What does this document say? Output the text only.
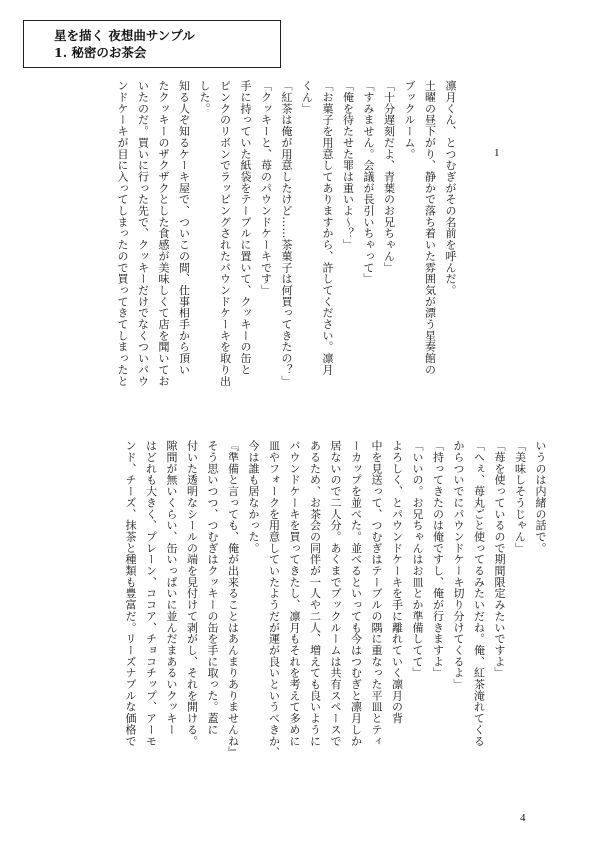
星を描く 夜想曲サンプル
1. 秘密のお茶会
1

凛月くん、とつむぎがその名前を呼んだ。

土曜の昼下がり、静かで落ち着いた雰囲気が漂う星奏館の

ブックルーム。

「十分遅刻だよ、青葉のお兄ちゃん」

「すみません。会議が長引いちゃって」

「俺を待たせた罪は重いよ〜？」

「お菓子を用意してありますから、許してください。凛月

くん」

「紅茶は俺が用意したけど……茶菓子は何買ってきたの？」

「クッキーと、苺のパウンドケーキです」

手に持っていた紙袋をテーブルに置いて、クッキーの缶と

ピンクのリボンでラッピングされたパウンドケーキを取り出

した。

知る人ぞ知るケーキ屋で、ついこの間、仕事相手から頂い

たクッキーのザクザクとした食感が美味しくて店を聞いてお

いたのだ。買いに行った先で、クッキーだけでなくついパウ

ンドケーキが目に入ってしまったので買ってきてしまったと

いうのは内緒の話で。

「美味しそうじゃん」

「苺を使っているので期間限定みたいですよ」

「へぇ、苺丸ごと使ってるみたいだね。俺、紅茶淹れてくる

からついでにパウンドケーキ切り分けてくるよ」

「持ってきたのは俺ですし、俺が行きますよ」

「いいの。お兄ちゃんはお皿とか準備してて」

よろしく、とパウンドケーキを手に離れていく凛月の背

中を見送って、つむぎはテーブルの隅に重なった平皿とティ

ーカップを並べた。並べるといっても今はつむぎと凛月しか

居ないので二人分。あくまでブックルームは共有スペースで

あるため、お茶会の同伴が一人や二人、増えても良いように

パウンドケーキを買ってきたし、凛月もそれを考えて多めに

皿やフォークを用意していたようだが運が良いというべきか、

今は誰も居なかった。

『準備と言っても、俺が出来ることはあんまりありませんね』

そう思いつつ、つむぎはクッキーの缶を手に取った。蓋に

付いた透明なシールの端を見付けて剥がし、それを開ける。

隙間が無いくらい、缶いっぱいに並んだまあるいクッキー

はどれも大きく、プレーン、ココア、チョコチップ、アーモ

ンド、チーズ、抹茶と種類も豊富だ。リーズナブルな価格で

4
